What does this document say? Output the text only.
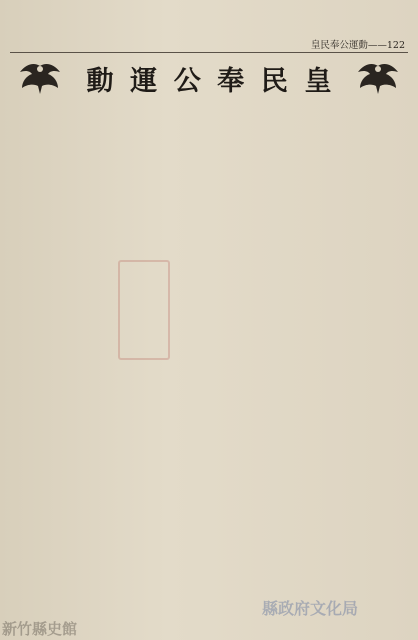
皇民奉公運動——122
皇
民
奉
公
運
動
新竹縣史館
縣政府文化局
